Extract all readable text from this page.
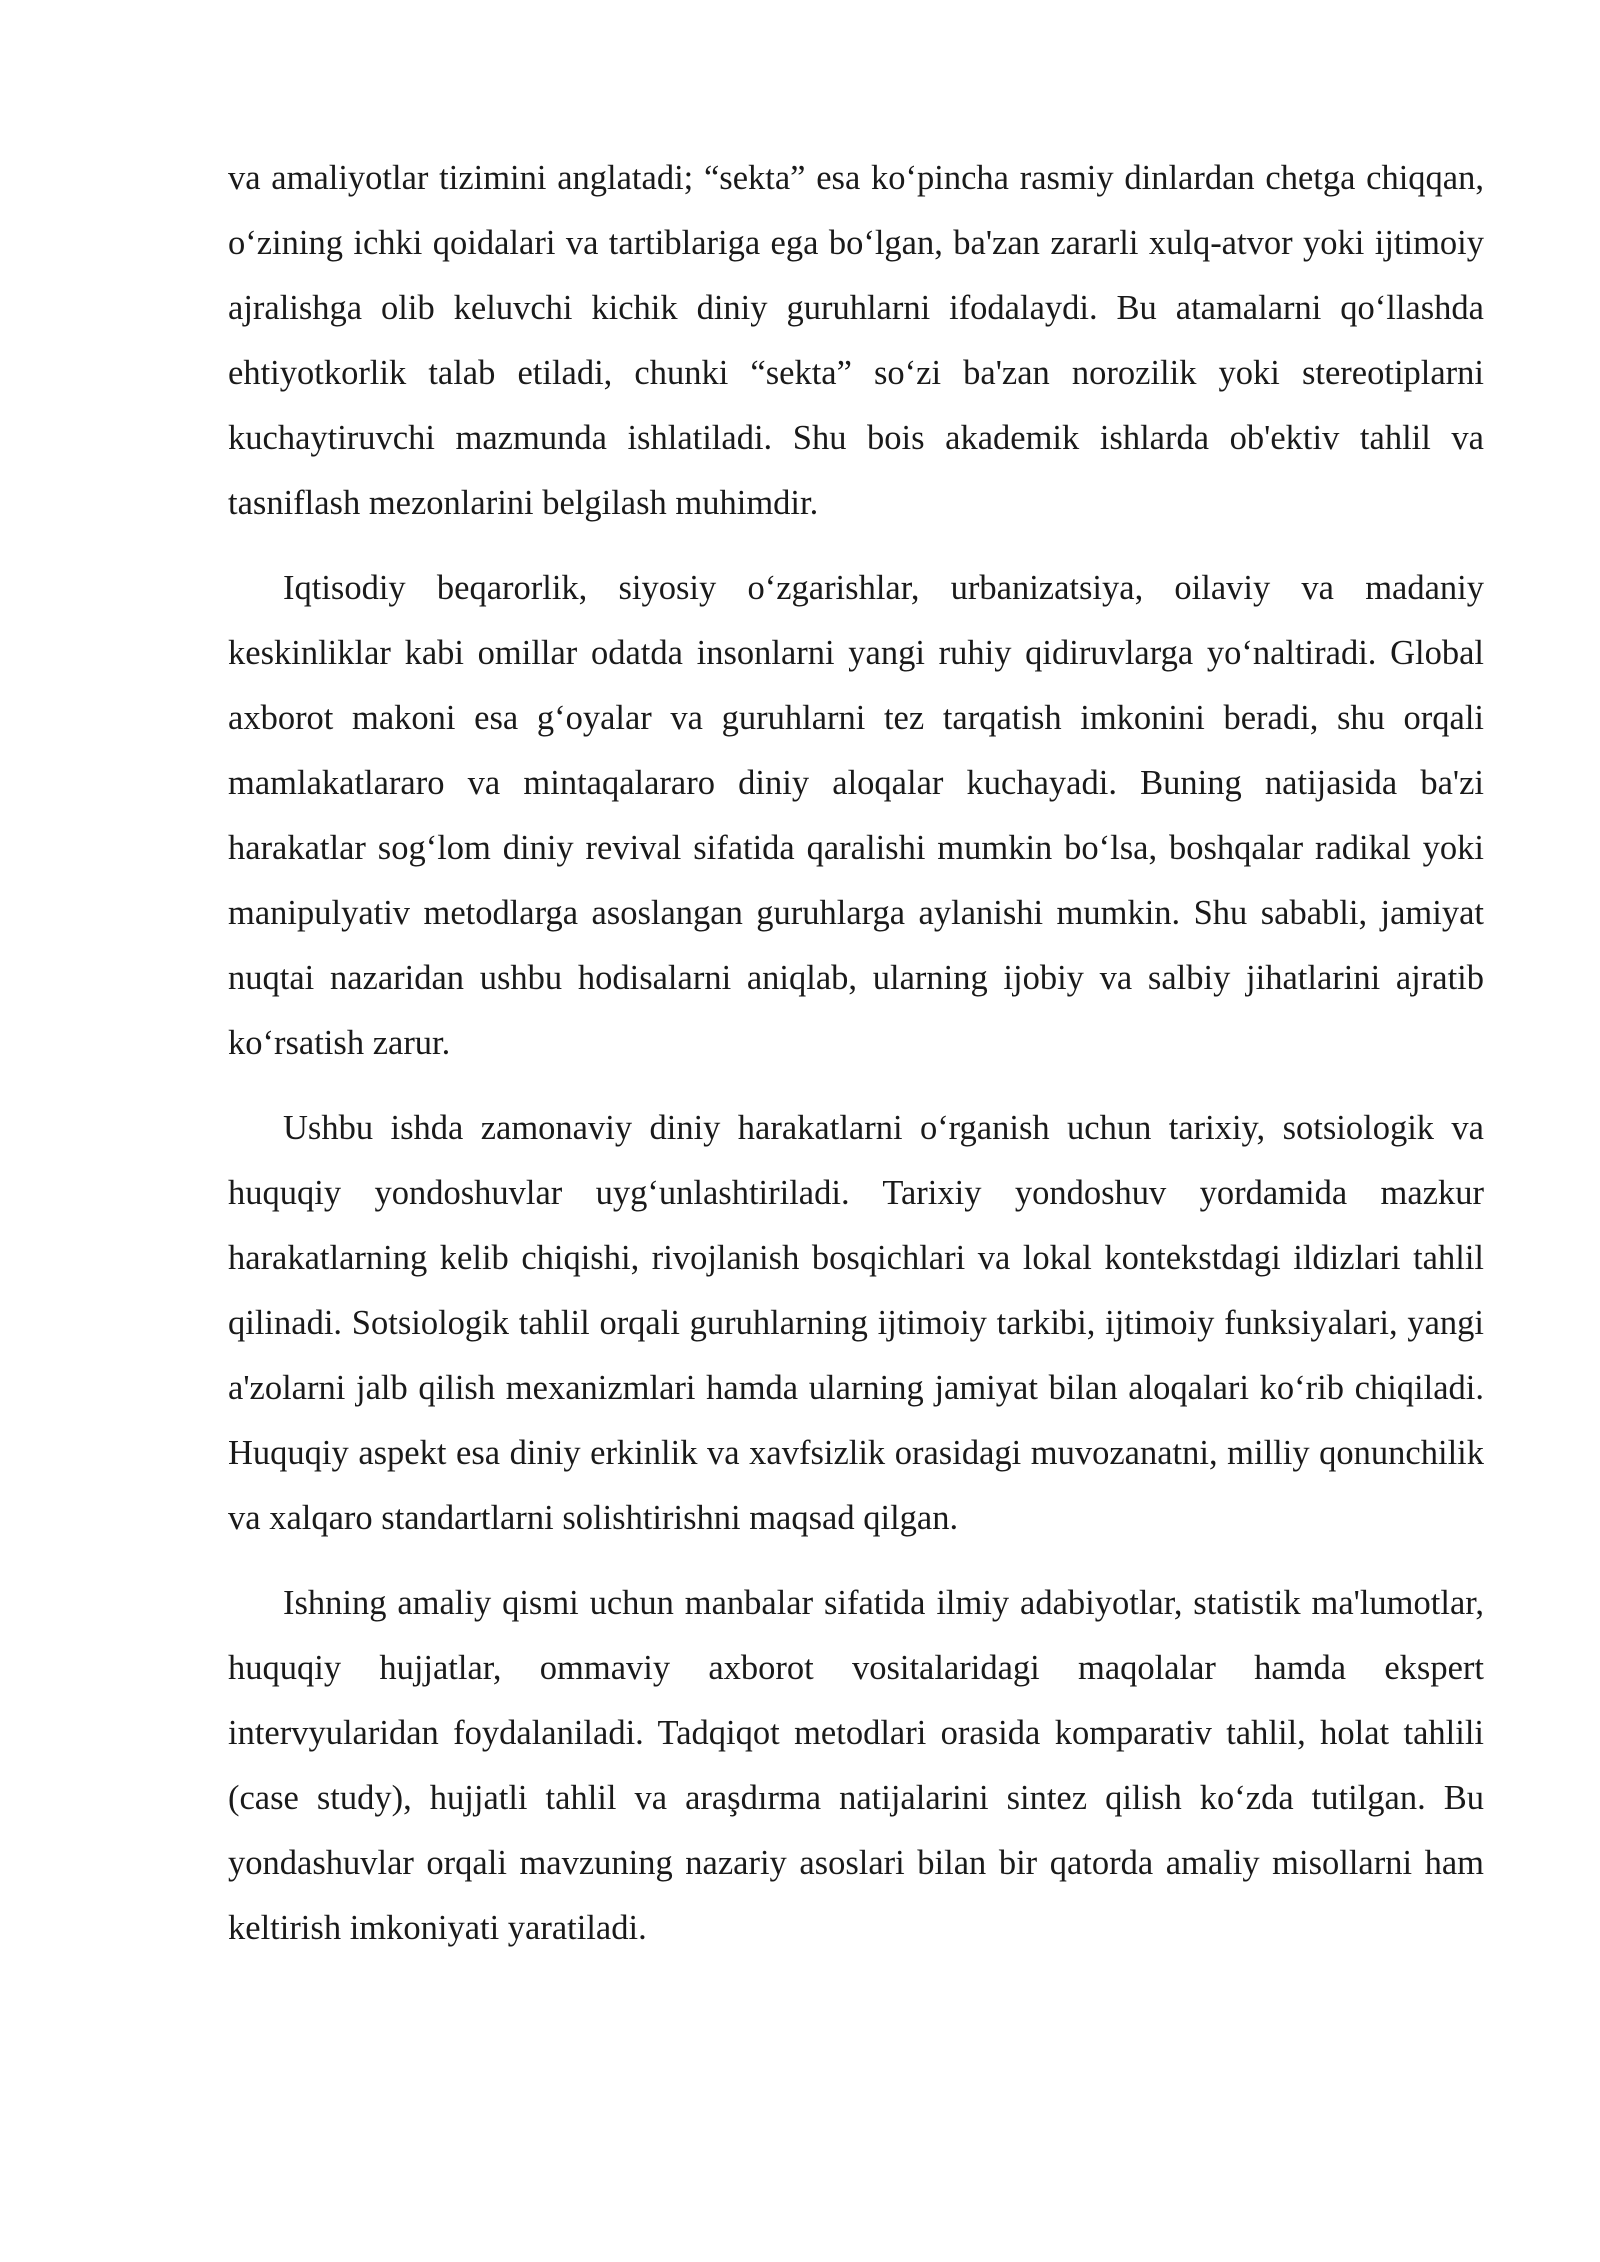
va amaliyotlar tizimini anglatadi; “sekta” esa koʻpincha rasmiy dinlardan chetga chiqqan, oʻzining ichki qoidalari va tartiblariga ega boʻlgan, ba'zan zararli xulq-atvor yoki ijtimoiy ajralishga olib keluvchi kichik diniy guruhlarni ifodalaydi. Bu atamalarni qoʻllashda ehtiyotkorlik talab etiladi, chunki “sekta” soʻzi ba'zan norozilik yoki stereotiplarni kuchaytiruvchi mazmunda ishlatiladi. Shu bois akademik ishlarda ob'ektiv tahlil va tasniflash mezonlarini belgilash muhimdir.

Iqtisodiy beqarorlik, siyosiy oʻzgarishlar, urbanizatsiya, oilaviy va madaniy keskinliklar kabi omillar odatda insonlarni yangi ruhiy qidiruvlarga yoʻnaltiradi. Global axborot makoni esa gʻoyalar va guruhlarni tez tarqatish imkonini beradi, shu orqali mamlakatlararo va mintaqalararo diniy aloqalar kuchayadi. Buning natijasida ba'zi harakatlar sogʻlom diniy revival sifatida qaralishi mumkin boʻlsa, boshqalar radikal yoki manipulyativ metodlarga asoslangan guruhlarga aylanishi mumkin. Shu sababli, jamiyat nuqtai nazaridan ushbu hodisalarni aniqlab, ularning ijobiy va salbiy jihatlarini ajratib koʻrsatish zarur.

Ushbu ishda zamonaviy diniy harakatlarni oʻrganish uchun tarixiy, sotsiologik va huquqiy yondoshuvlar uygʻunlashtiriladi. Tarixiy yondoshuv yordamida mazkur harakatlarning kelib chiqishi, rivojlanish bosqichlari va lokal kontekstdagi ildizlari tahlil qilinadi. Sotsiologik tahlil orqali guruhlarning ijtimoiy tarkibi, ijtimoiy funksiyalari, yangi a'zolarni jalb qilish mexanizmlari hamda ularning jamiyat bilan aloqalari koʻrib chiqiladi. Huquqiy aspekt esa diniy erkinlik va xavfsizlik orasidagi muvozanatni, milliy qonunchilik va xalqaro standartlarni solishtirishni maqsad qilgan.

Ishning amaliy qismi uchun manbalar sifatida ilmiy adabiyotlar, statistik ma'lumotlar, huquqiy hujjatlar, ommaviy axborot vositalaridagi maqolalar hamda ekspert intervyularidan foydalaniladi. Tadqiqot metodlari orasida komparativ tahlil, holat tahlili (case study), hujjatli tahlil va araşdırma natijalarini sintez qilish koʻzda tutilgan. Bu yondashuvlar orqali mavzuning nazariy asoslari bilan bir qatorda amaliy misollarni ham keltirish imkoniyati yaratiladi.
